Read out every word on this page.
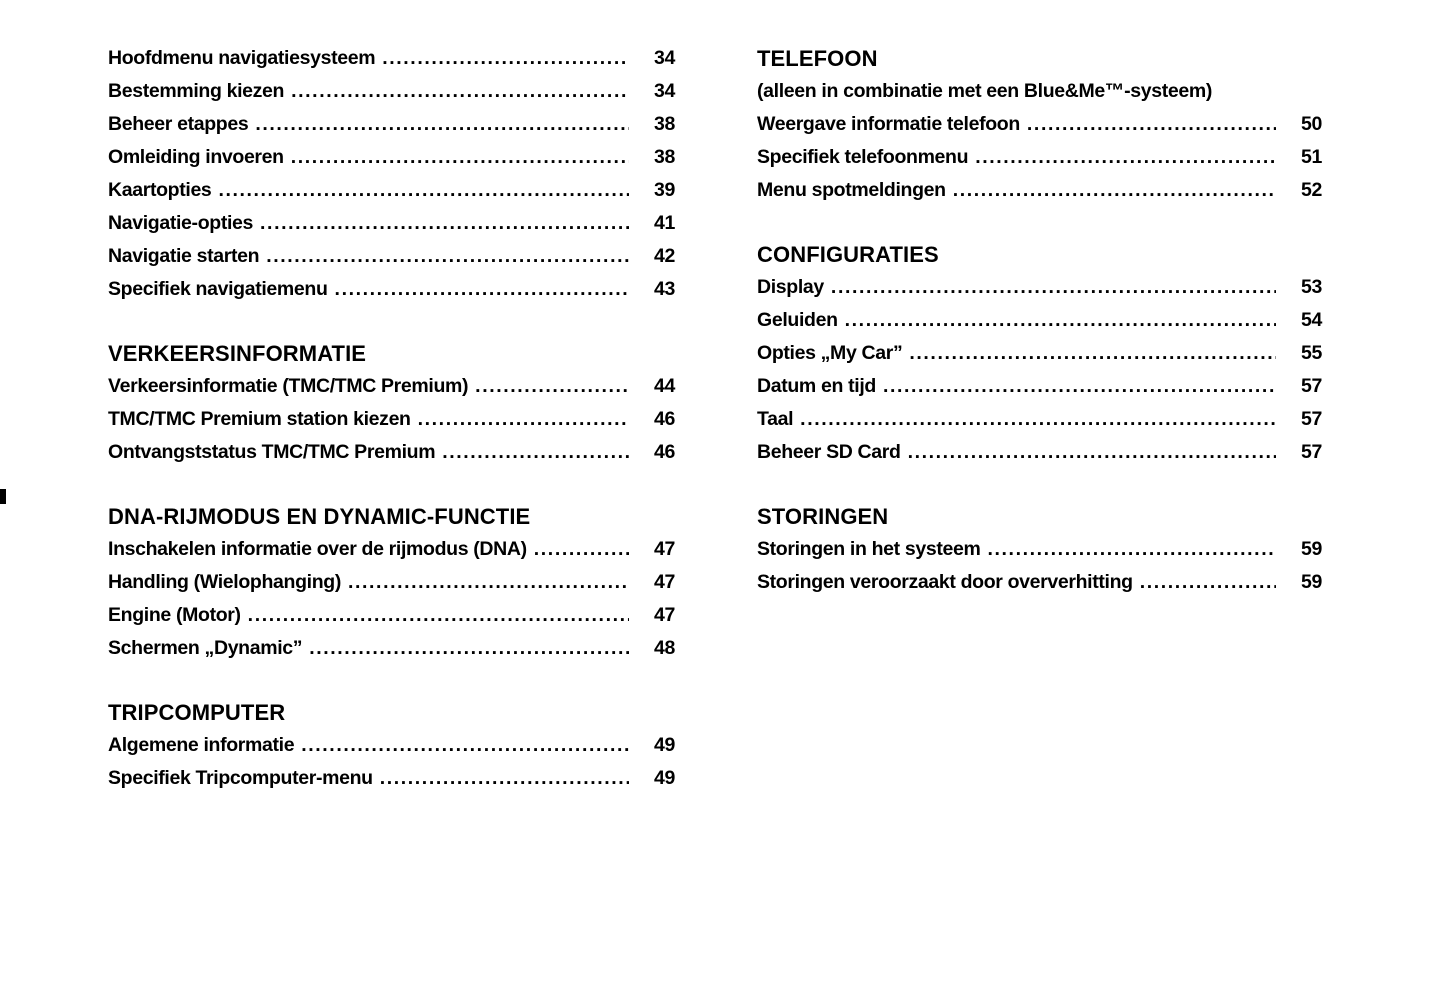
Hoofdmenu navigatiesysteem .....	34
Bestemming kiezen .....	34
Beheer etappes .....	38
Omleiding invoeren .....	38
Kaartopties .....	39
Navigatie-opties .....	41
Navigatie starten .....	42
Specifiek navigatiemenu .....	43
VERKEERSINFORMATIE
Verkeersinformatie (TMC/TMC Premium) .....	44
TMC/TMC Premium station kiezen .....	46
Ontvangststatus TMC/TMC Premium .....	46
DNA-RIJMODUS EN DYNAMIC-FUNCTIE
Inschakelen informatie over de rijmodus (DNA) .....	47
Handling (Wielophanging) .....	47
Engine (Motor) .....	47
Schermen „Dynamic” .....	48
TRIPCOMPUTER
Algemene informatie .....	49
Specifiek Tripcomputer-menu .....	49
TELEFOON
(alleen in combinatie met een Blue&Me™-systeem)
Weergave informatie telefoon .....	50
Specifiek telefoonmenu .....	51
Menu spotmeldingen .....	52
CONFIGURATIES
Display .....	53
Geluiden .....	54
Opties „My Car” .....	55
Datum en tijd .....	57
Taal .....	57
Beheer SD Card .....	57
STORINGEN
Storingen in het systeem .....	59
Storingen veroorzaakt door oververhitting .....	59
